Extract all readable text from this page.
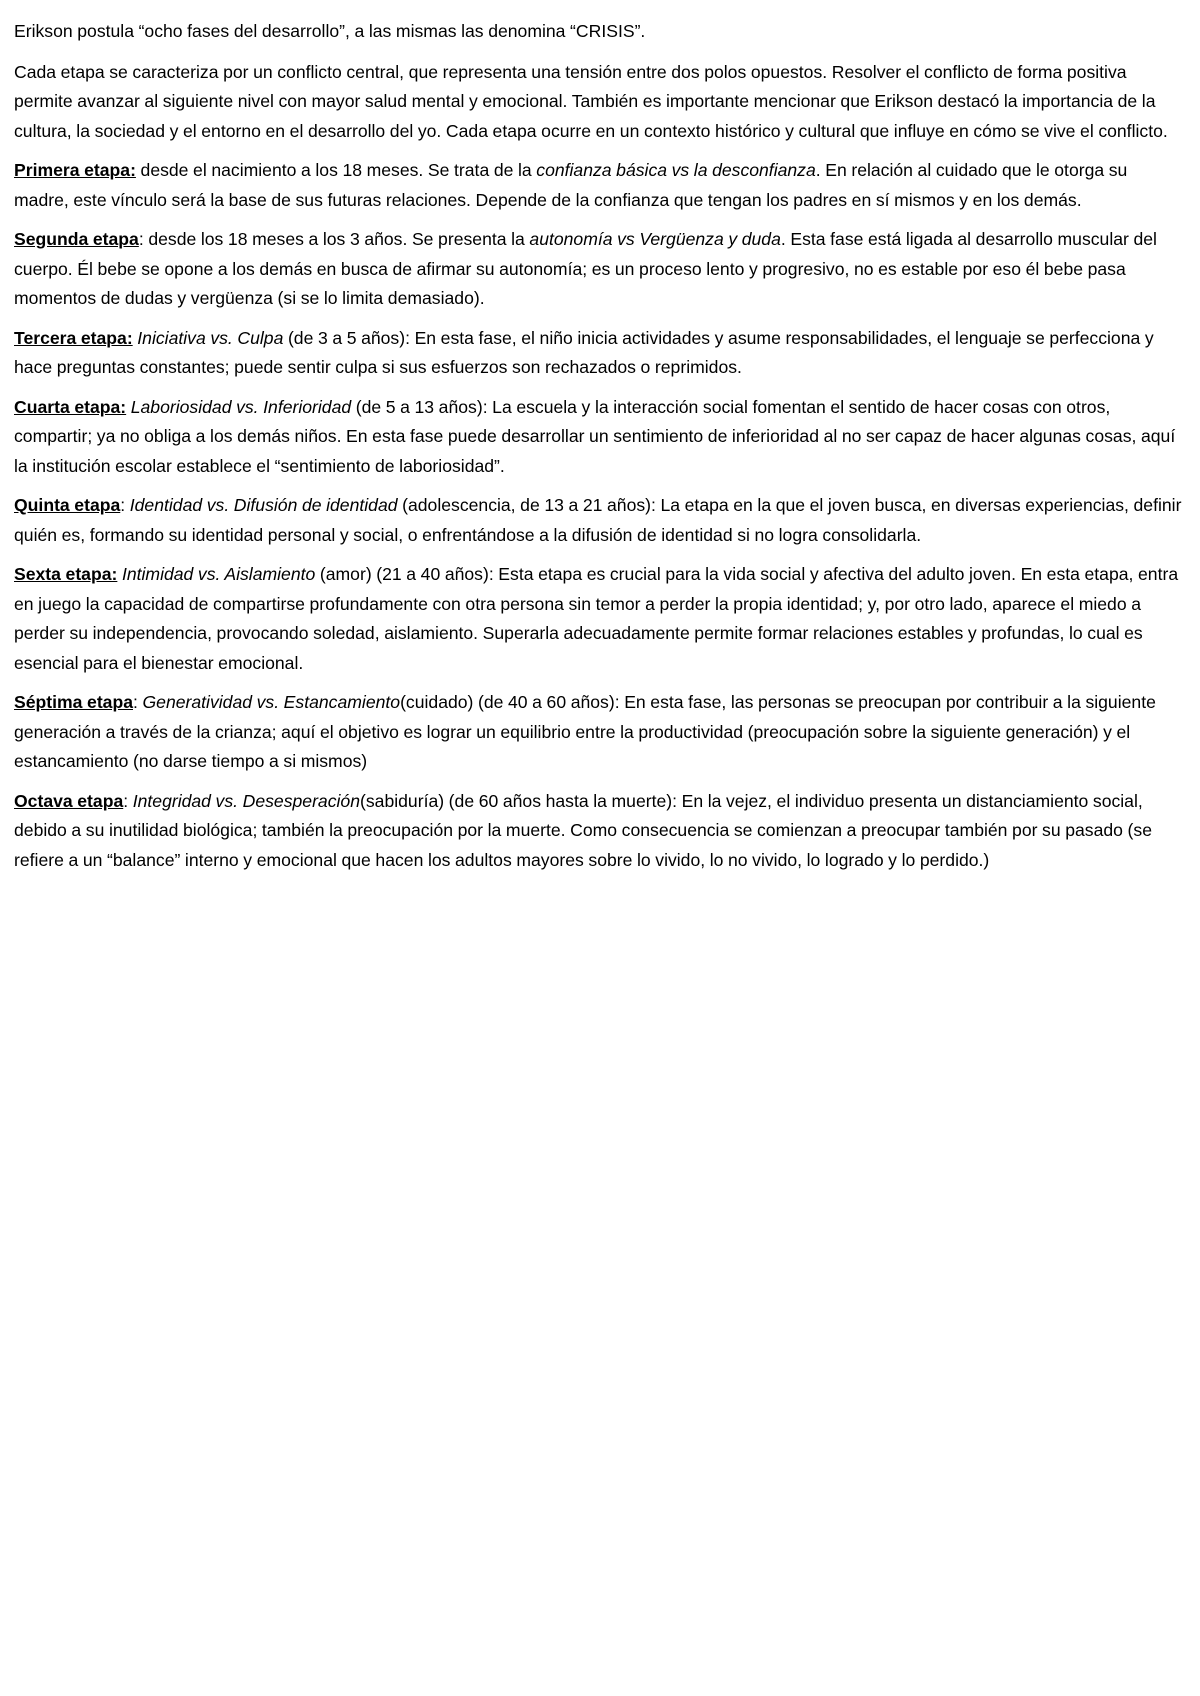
Erikson postula “ocho fases del desarrollo”, a las mismas las denomina “CRISIS”.

Cada etapa se caracteriza por un conflicto central, que representa una tensión entre dos polos opuestos. Resolver el conflicto de forma positiva permite avanzar al siguiente nivel con mayor salud mental y emocional. También es importante mencionar que Erikson destacó la importancia de la cultura, la sociedad y el entorno en el desarrollo del yo. Cada etapa ocurre en un contexto histórico y cultural que influye en cómo se vive el conflicto.

Primera etapa: desde el nacimiento a los 18 meses. Se trata de la confianza básica vs la desconfianza. En relación al cuidado que le otorga su madre, este vínculo será la base de sus futuras relaciones. Depende de la confianza que tengan los padres en sí mismos y en los demás.

Segunda etapa: desde los 18 meses a los 3 años. Se presenta la autonomía vs Vergüenza y duda. Esta fase está ligada al desarrollo muscular del cuerpo. Él bebe se opone a los demás en busca de afirmar su autonomía; es un proceso lento y progresivo, no es estable por eso él bebe pasa momentos de dudas y vergüenza (si se lo limita demasiado).

Tercera etapa: Iniciativa vs. Culpa (de 3 a 5 años): En esta fase, el niño inicia actividades y asume responsabilidades, el lenguaje se perfecciona y hace preguntas constantes; puede sentir culpa si sus esfuerzos son rechazados o reprimidos.

Cuarta etapa: Laboriosidad vs. Inferioridad (de 5 a 13 años): La escuela y la interacción social fomentan el sentido de hacer cosas con otros, compartir; ya no obliga a los demás niños. En esta fase puede desarrollar un sentimiento de inferioridad al no ser capaz de hacer algunas cosas, aquí la institución escolar establece el “sentimiento de laboriosidad”.

Quinta etapa: Identidad vs. Difusión de identidad (adolescencia, de 13 a 21 años): La etapa en la que el joven busca, en diversas experiencias, definir quién es, formando su identidad personal y social, o enfrentándose a la difusión de identidad si no logra consolidarla.

Sexta etapa: Intimidad vs. Aislamiento (amor) (21 a 40 años): Esta etapa es crucial para la vida social y afectiva del adulto joven. En esta etapa, entra en juego la capacidad de compartirse profundamente con otra persona sin temor a perder la propia identidad; y, por otro lado, aparece el miedo a perder su independencia, provocando soledad, aislamiento. Superarla adecuadamente permite formar relaciones estables y profundas, lo cual es esencial para el bienestar emocional.

Séptima etapa: Generatividad vs. Estancamiento(cuidado) (de 40 a 60 años): En esta fase, las personas se preocupan por contribuir a la siguiente generación a través de la crianza; aquí el objetivo es lograr un equilibrio entre la productividad (preocupación sobre la siguiente generación) y el estancamiento (no darse tiempo a si mismos)

Octava etapa: Integridad vs. Desesperación(sabiduría) (de 60 años hasta la muerte): En la vejez, el individuo presenta un distanciamiento social, debido a su inutilidad biológica; también la preocupación por la muerte. Como consecuencia se comienzan a preocupar también por su pasado (se refiere a un “balance” interno y emocional que hacen los adultos mayores sobre lo vivido, lo no vivido, lo logrado y lo perdido.)
